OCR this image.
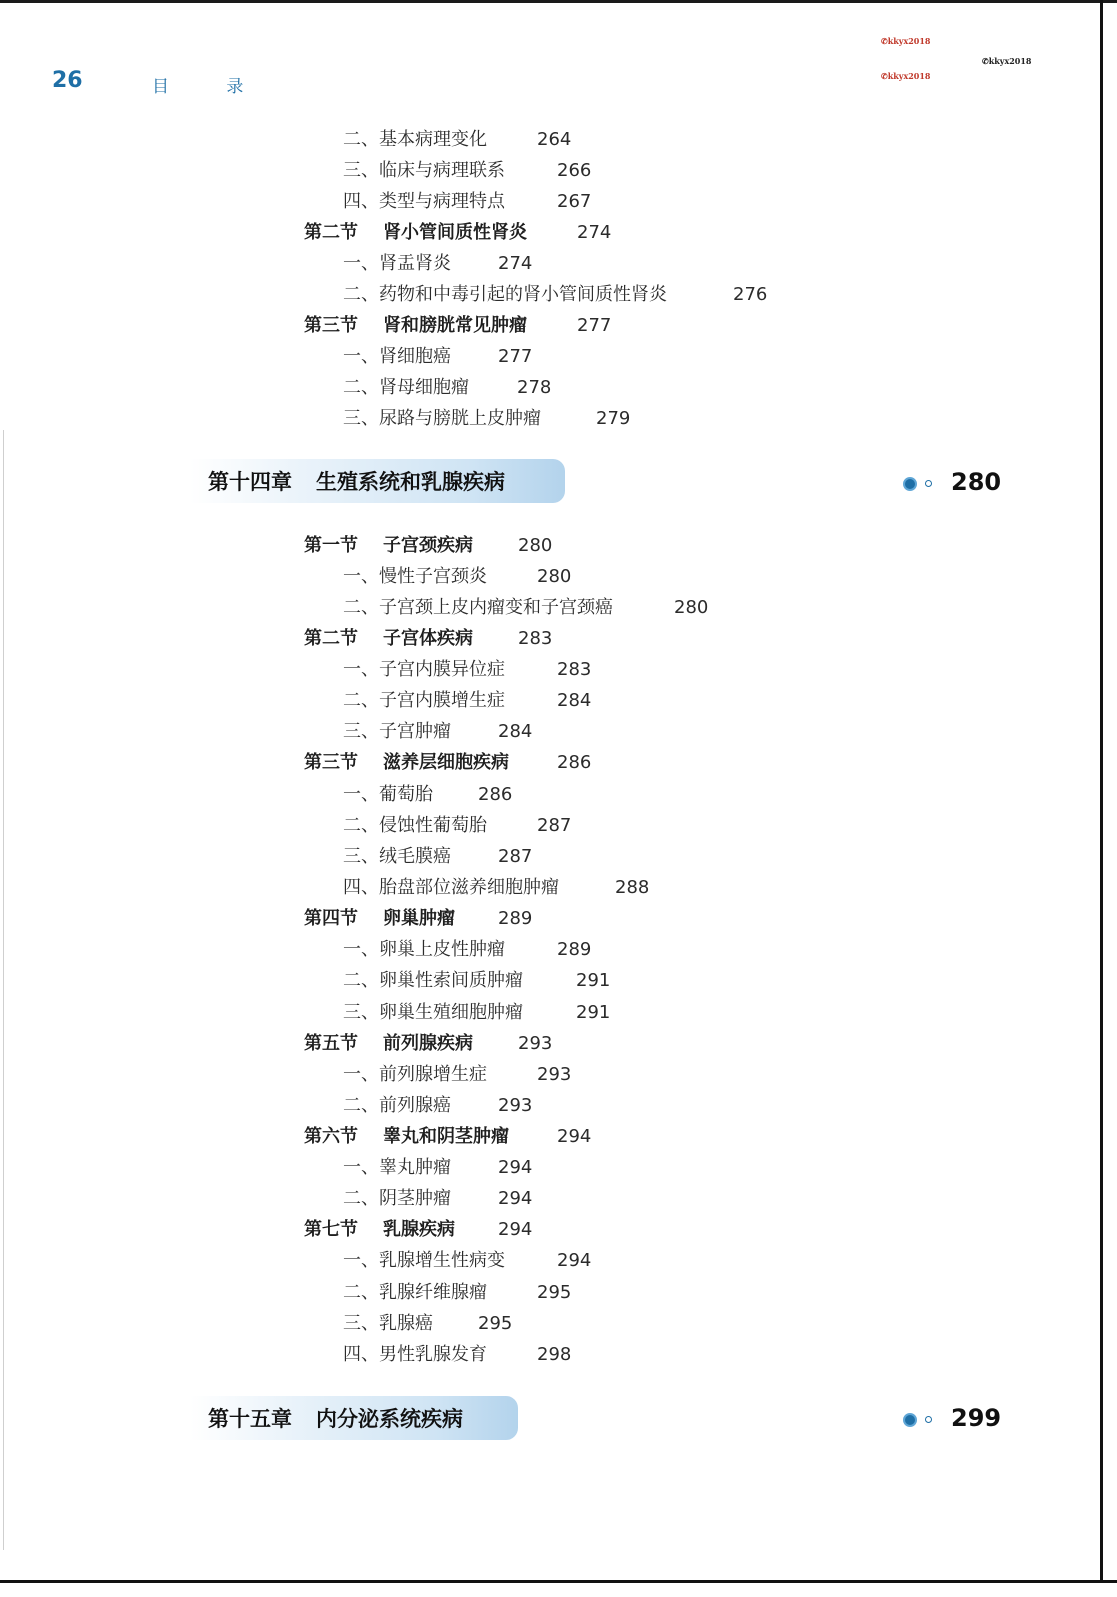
26	目 录
✆kkyx2018
✆kkyx2018
✆kkyx2018
二、基本病理变化	264
三、临床与病理联系	266
四、类型与病理特点	267
第二节 肾小管间质性肾炎	274
一、肾盂肾炎	274
二、药物和中毒引起的肾小管间质性肾炎	276
第三节 肾和膀胱常见肿瘤	277
一、肾细胞癌	277
二、肾母细胞瘤	278
三、尿路与膀胱上皮肿瘤	279
第十四章 生殖系统和乳腺疾病	280
第一节 子宫颈疾病	280
一、慢性子宫颈炎	280
二、子宫颈上皮内瘤变和子宫颈癌	280
第二节 子宫体疾病	283
一、子宫内膜异位症	283
二、子宫内膜增生症	284
三、子宫肿瘤	284
第三节 滋养层细胞疾病	286
一、葡萄胎	286
二、侵蚀性葡萄胎	287
三、绒毛膜癌	287
四、胎盘部位滋养细胞肿瘤	288
第四节 卵巢肿瘤 289
一、卵巢上皮性肿瘤	289
二、卵巢性索间质肿瘤	291
三、卵巢生殖细胞肿瘤	291
第五节 前列腺疾病	293
一、前列腺增生症	293
二、前列腺癌	293
第六节 睾丸和阴茎肿瘤	294
一、睾丸肿瘤	294
二、阴茎肿瘤	294
第七节 乳腺疾病 294
一、乳腺增生性病变	294
二、乳腺纤维腺瘤	295
三、乳腺癌	295
四、男性乳腺发育	298
第十五章 内分泌系统疾病	299
